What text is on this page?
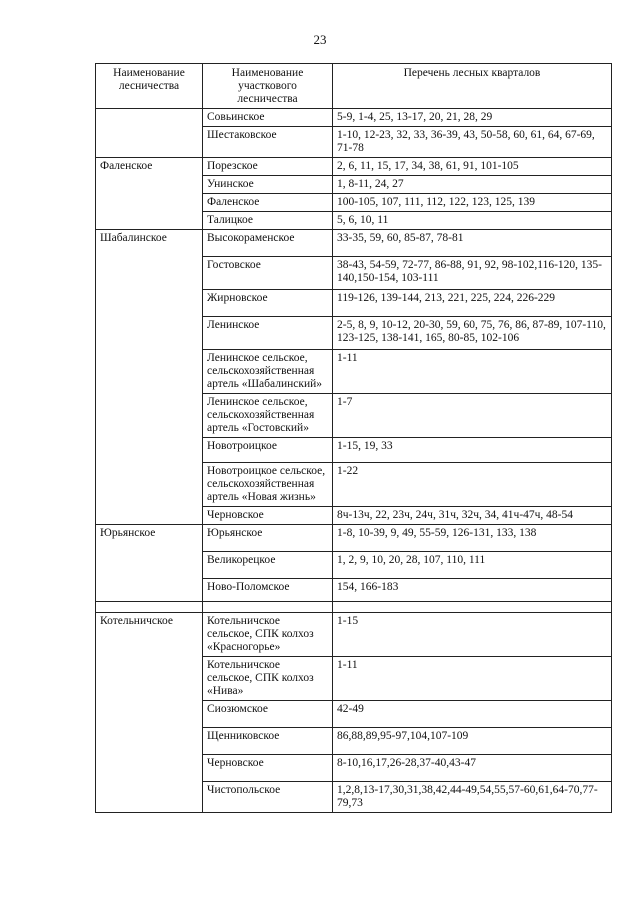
23
Наименование лесничества	Наименование участкового лесничества	Перечень лесных кварталов
	Совьинское	5-9, 1-4, 25, 13-17, 20, 21, 28, 29
	Шестаковское	1-10, 12-23, 32, 33, 36-39, 43, 50-58, 60, 61, 64, 67-69, 71-78
Фаленское	Порезское	2, 6, 11, 15, 17, 34, 38, 61, 91, 101-105
	Унинское	1, 8-11, 24, 27
	Фаленское	100-105, 107, 111, 112, 122, 123, 125, 139
	Талицкое	5, 6, 10, 11
Шабалинское	Высокораменское	33-35, 59, 60, 85-87, 78-81
	Гостовское	38-43, 54-59, 72-77, 86-88, 91, 92, 98-102,116-120, 135-140,150-154, 103-111
	Жирновское	119-126, 139-144, 213, 221, 225, 224, 226-229
	Ленинское	2-5, 8, 9, 10-12, 20-30, 59, 60, 75, 76, 86, 87-89, 107-110, 123-125, 138-141, 165, 80-85, 102-106
	Ленинское сельское, сельскохозяйственная артель «Шабалинский»	1-11
	Ленинское сельское, сельскохозяйственная артель «Гостовский»	1-7
	Новотроицкое	1-15, 19, 33
	Новотроицкое сельское, сельскохозяйственная артель «Новая жизнь»	1-22
	Черновское	8ч-13ч, 22, 23ч, 24ч, 31ч, 32ч, 34, 41ч-47ч, 48-54
Юрьянское	Юрьянское	1-8, 10-39, 9, 49, 55-59, 126-131, 133, 138
	Великорецкое	1, 2, 9, 10, 20, 28, 107, 110, 111
	Ново-Поломское	154, 166-183

Котельничское	Котельничское сельское, СПК колхоз «Красногорье»	1-15
	Котельничское сельское, СПК колхоз «Нива»	1-11
	Сиозюмское	42-49
	Щенниковское	86,88,89,95-97,104,107-109
	Черновское	8-10,16,17,26-28,37-40,43-47
	Чистопольское	1,2,8,13-17,30,31,38,42,44-49,54,55,57-60,61,64-70,77-79,73
